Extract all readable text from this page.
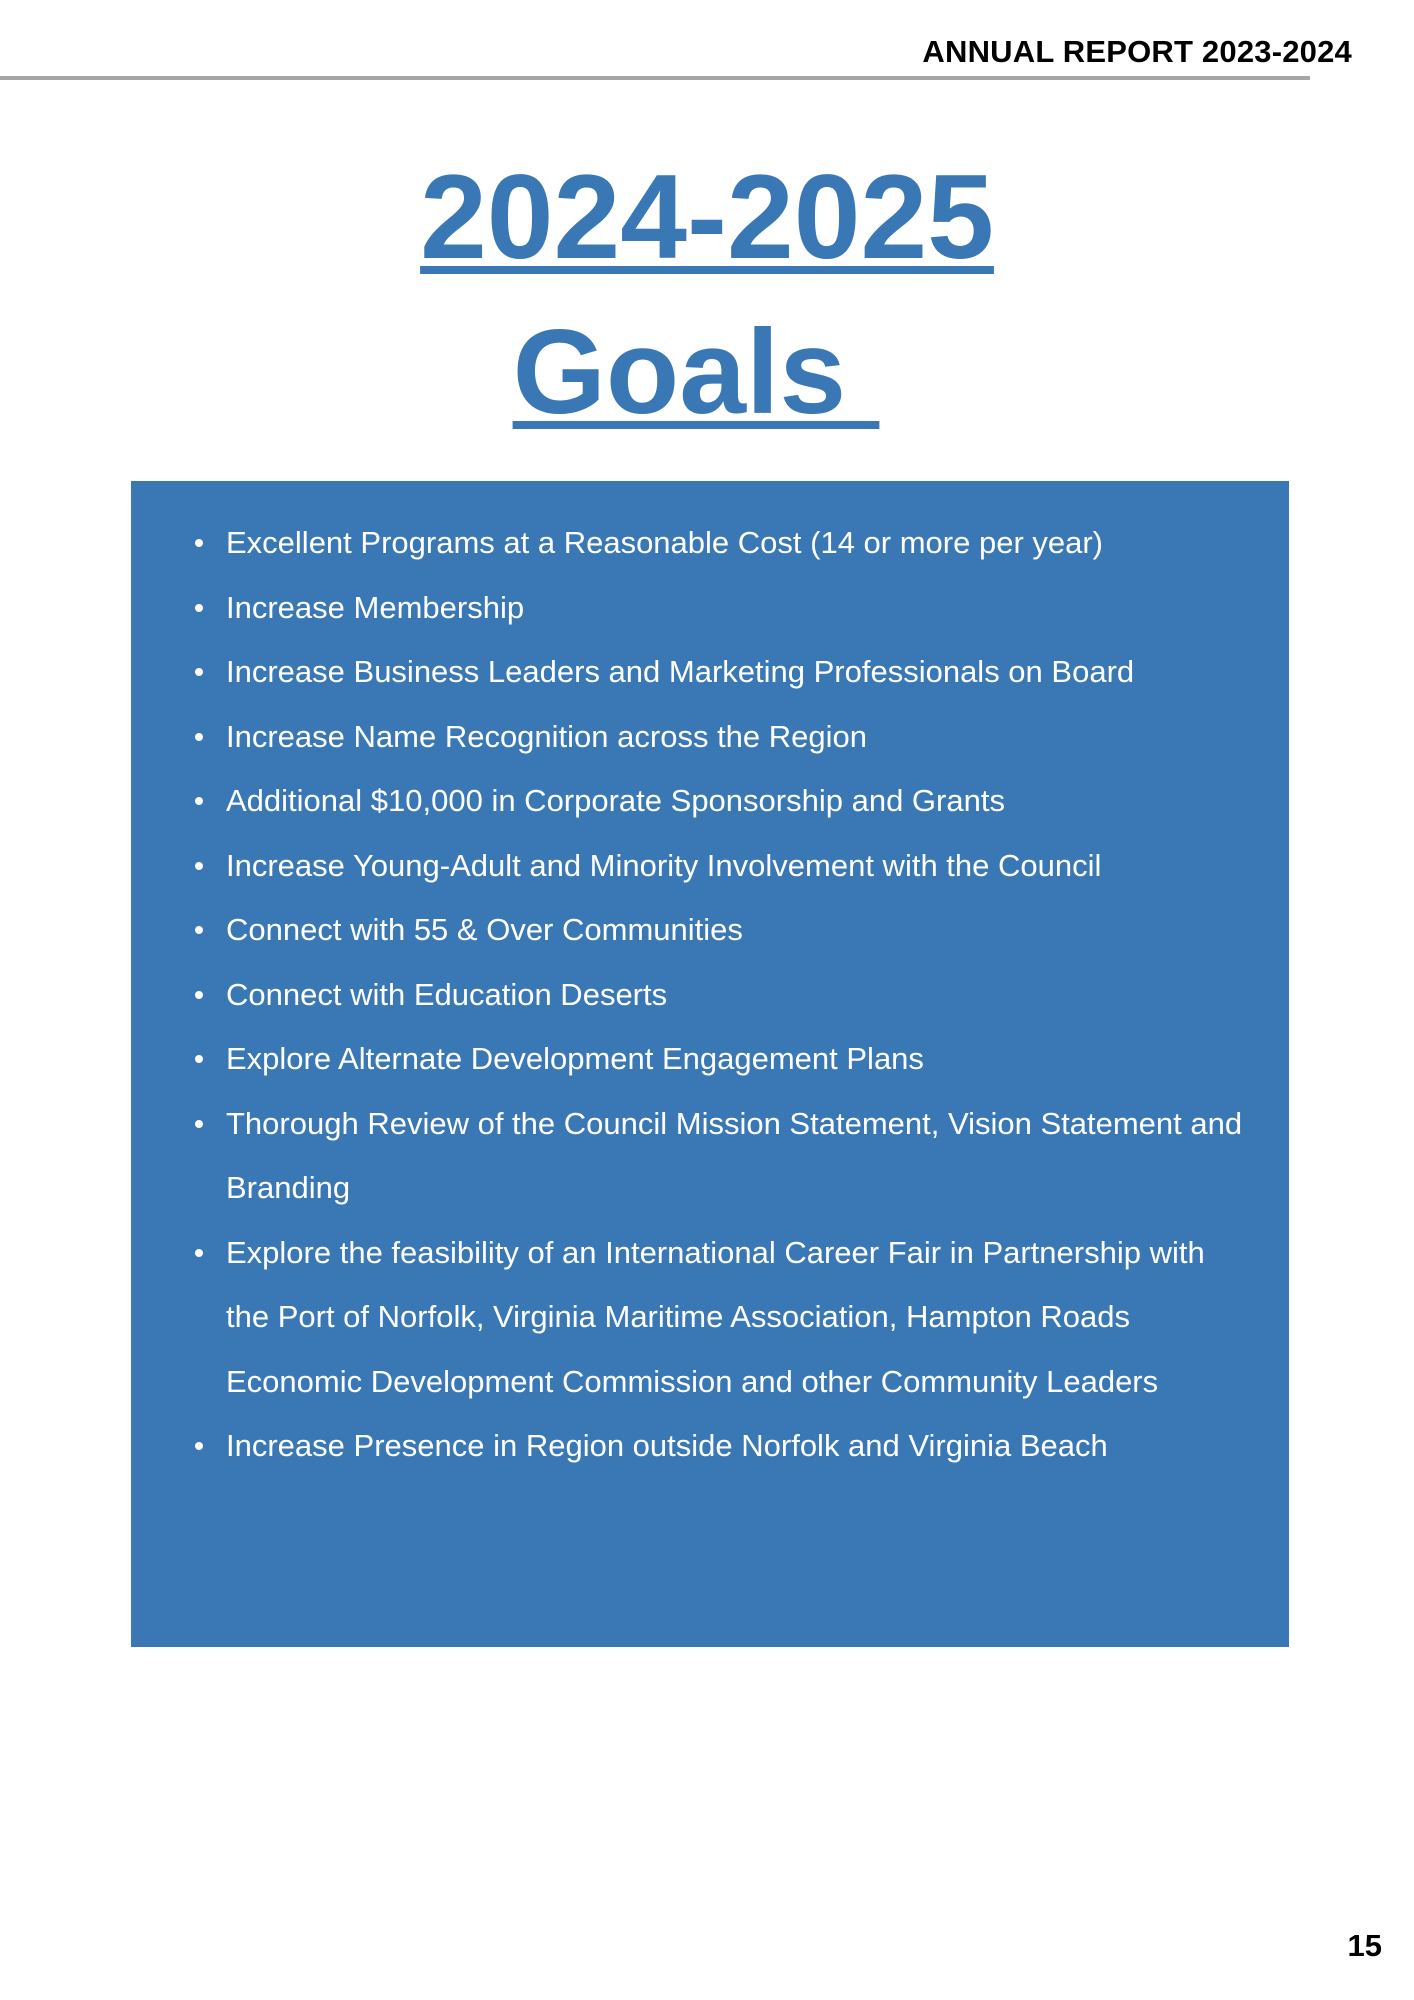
ANNUAL REPORT 2023-2024
2024-2025
Goals
Excellent Programs at a Reasonable Cost (14 or more per year)
Increase Membership
Increase Business Leaders and Marketing Professionals on Board
Increase Name Recognition across the Region
Additional $10,000 in Corporate Sponsorship and Grants
Increase Young-Adult and Minority Involvement with the Council
Connect with 55 & Over Communities
Connect with Education Deserts
Explore Alternate Development Engagement Plans
Thorough Review of the Council Mission Statement, Vision Statement and Branding
Explore the feasibility of an International Career Fair in Partnership with the Port of Norfolk, Virginia Maritime Association, Hampton Roads Economic Development Commission and other Community Leaders
Increase Presence in Region outside Norfolk and Virginia Beach
15
